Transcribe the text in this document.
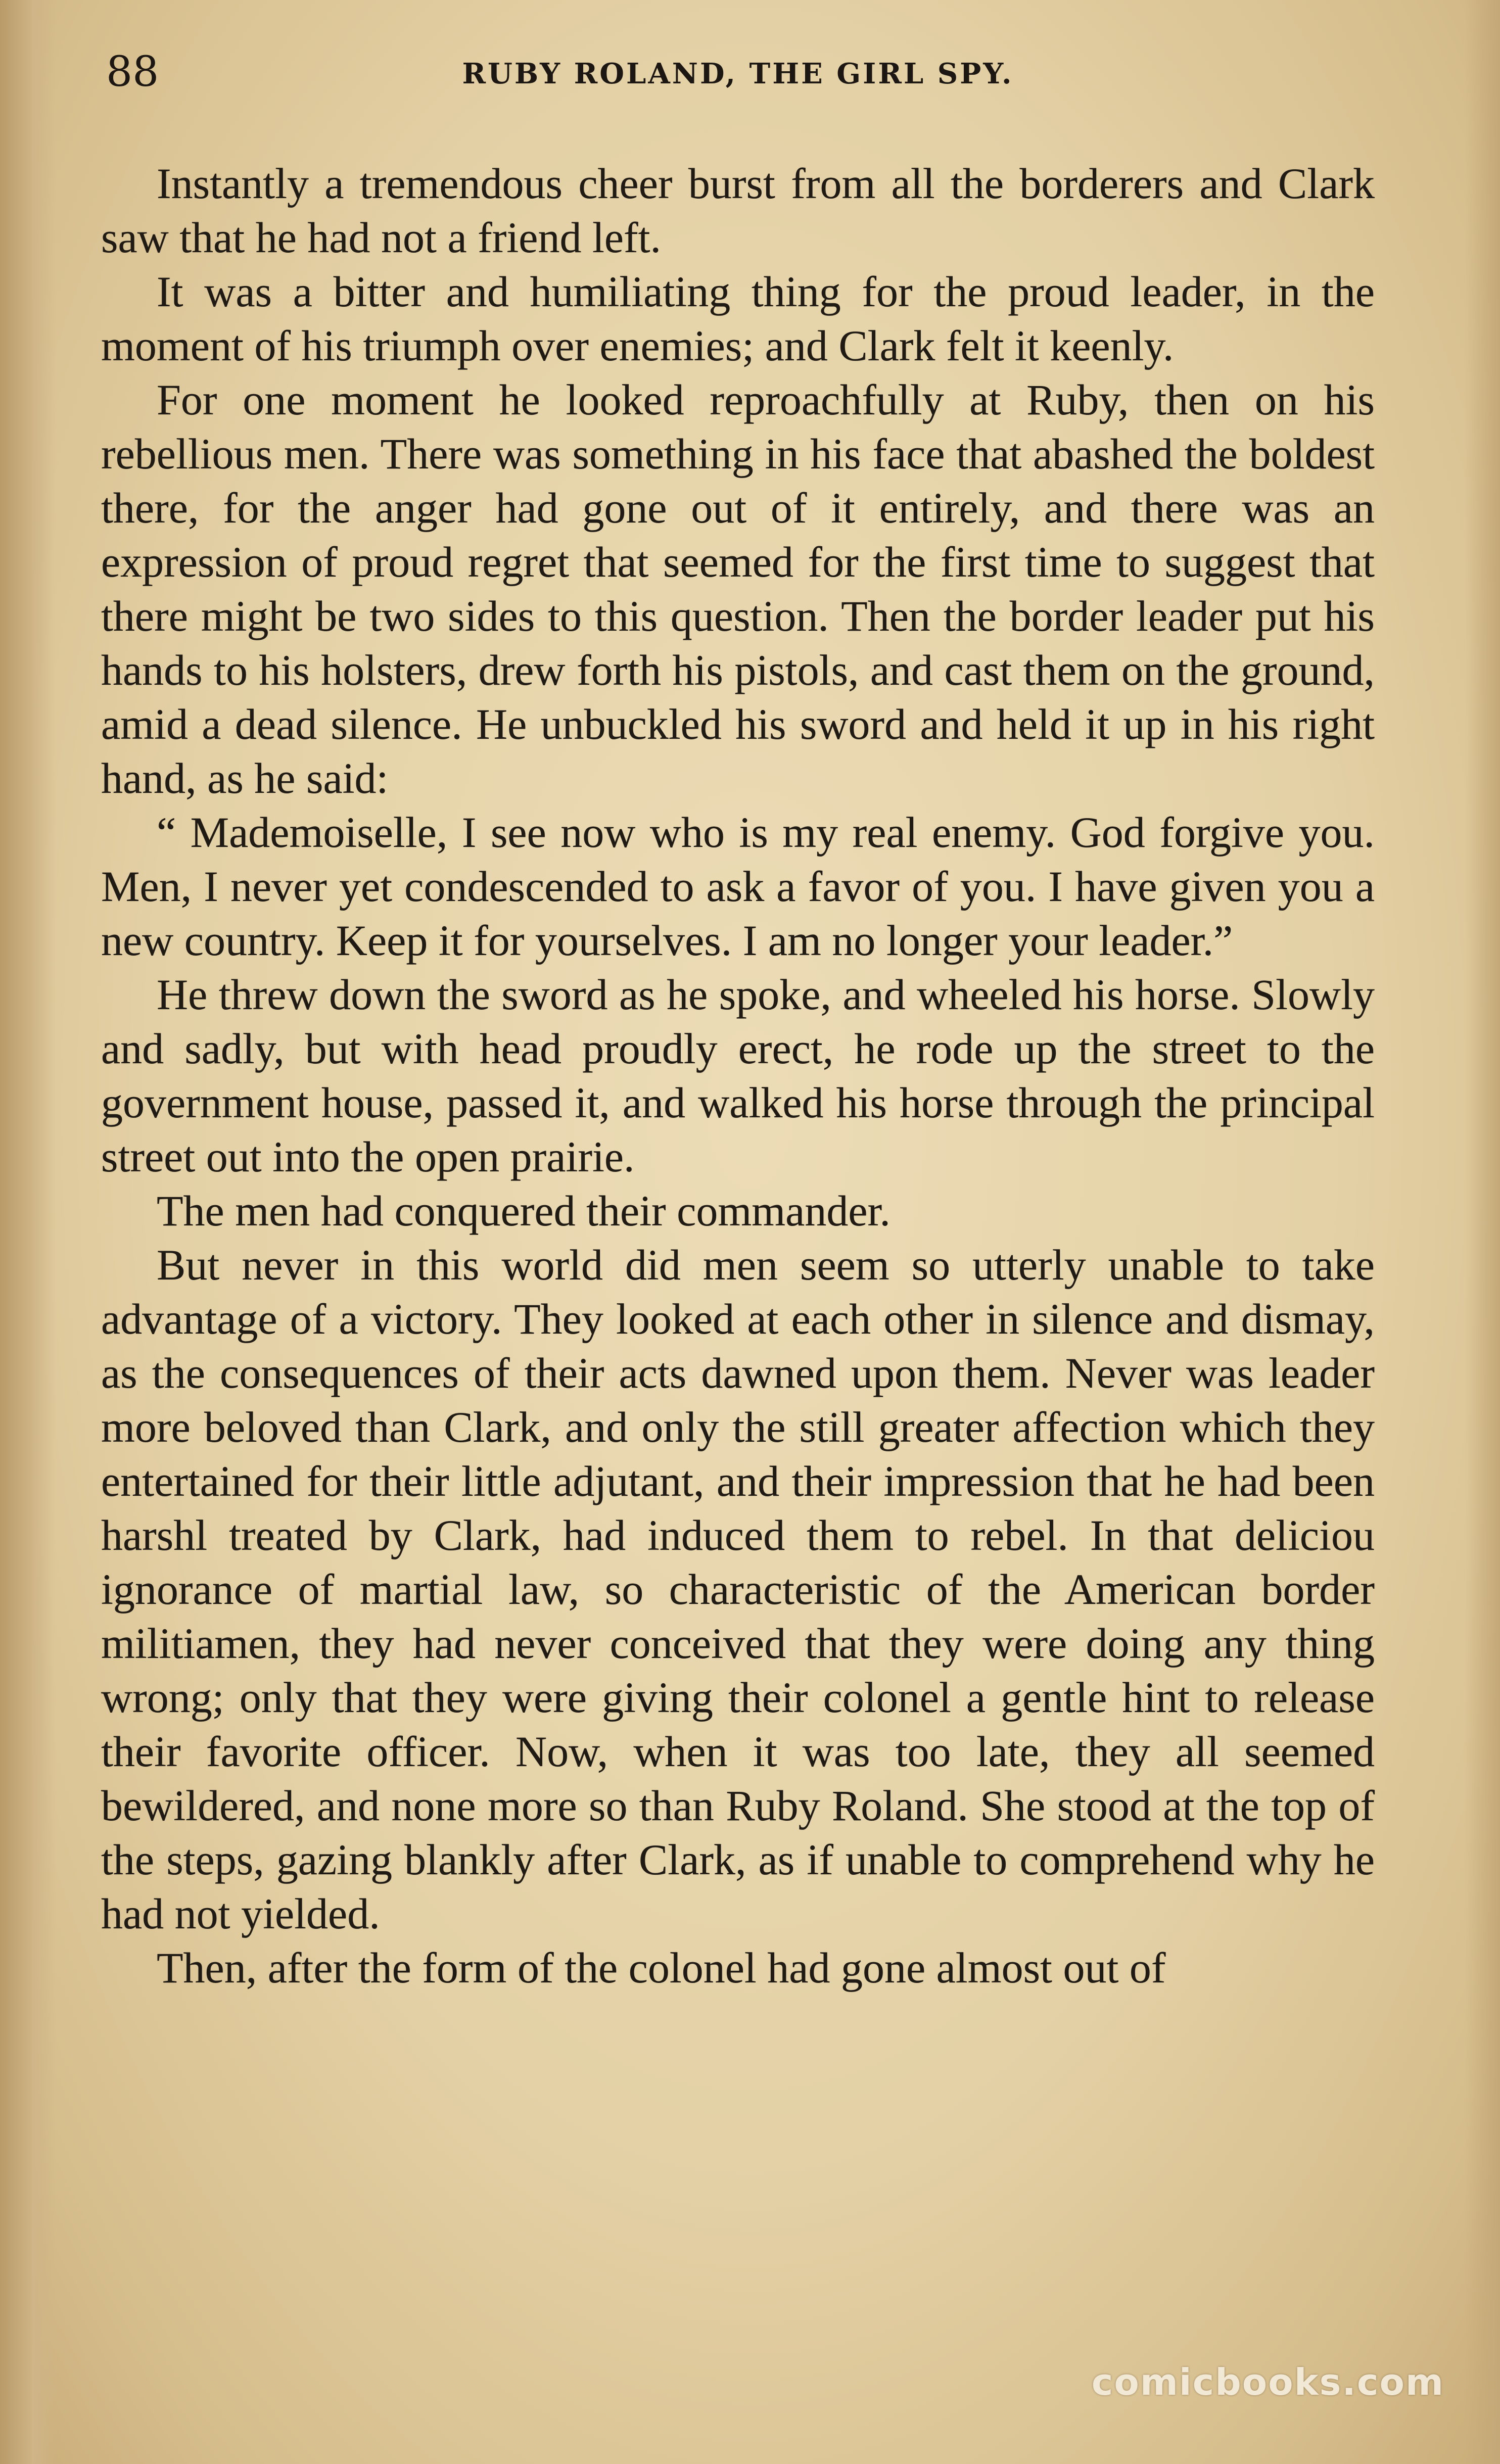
88	RUBY ROLAND, THE GIRL SPY.

Instantly a tremendous cheer burst from all the borderers and Clark saw that he had not a friend left.

It was a bitter and humiliating thing for the proud leader, in the moment of his triumph over enemies; and Clark felt it keenly.

For one moment he looked reproachfully at Ruby, then on his rebellious men. There was something in his face that abashed the boldest there, for the anger had gone out of it entirely, and there was an expression of proud regret that seemed for the first time to suggest that there might be two sides to this question. Then the border leader put his hands to his holsters, drew forth his pistols, and cast them on the ground, amid a dead silence. He unbuckled his sword and held it up in his right hand, as he said:

“ Mademoiselle, I see now who is my real enemy. God forgive you. Men, I never yet condescended to ask a favor of you. I have given you a new country. Keep it for yourselves. I am no longer your leader.”

He threw down the sword as he spoke, and wheeled his horse. Slowly and sadly, but with head proudly erect, he rode up the street to the government house, passed it, and walked his horse through the principal street out into the open prairie.

The men had conquered their commander.

But never in this world did men seem so utterly unable to take advantage of a victory. They looked at each other in silence and dismay, as the consequences of their acts dawned upon them. Never was leader more beloved than Clark, and only the still greater affection which they entertained for their little adjutant, and their impression that he had been harshl treated by Clark, had induced them to rebel. In that deliciou ignorance of martial law, so characteristic of the American border militiamen, they had never conceived that they were doing any thing wrong; only that they were giving their colonel a gentle hint to release their favorite officer. Now, when it was too late, they all seemed bewildered, and none more so than Ruby Roland. She stood at the top of the steps, gazing blankly after Clark, as if unable to comprehend why he had not yielded.

Then, after the form of the colonel had gone almost out of

comicbooks.com
